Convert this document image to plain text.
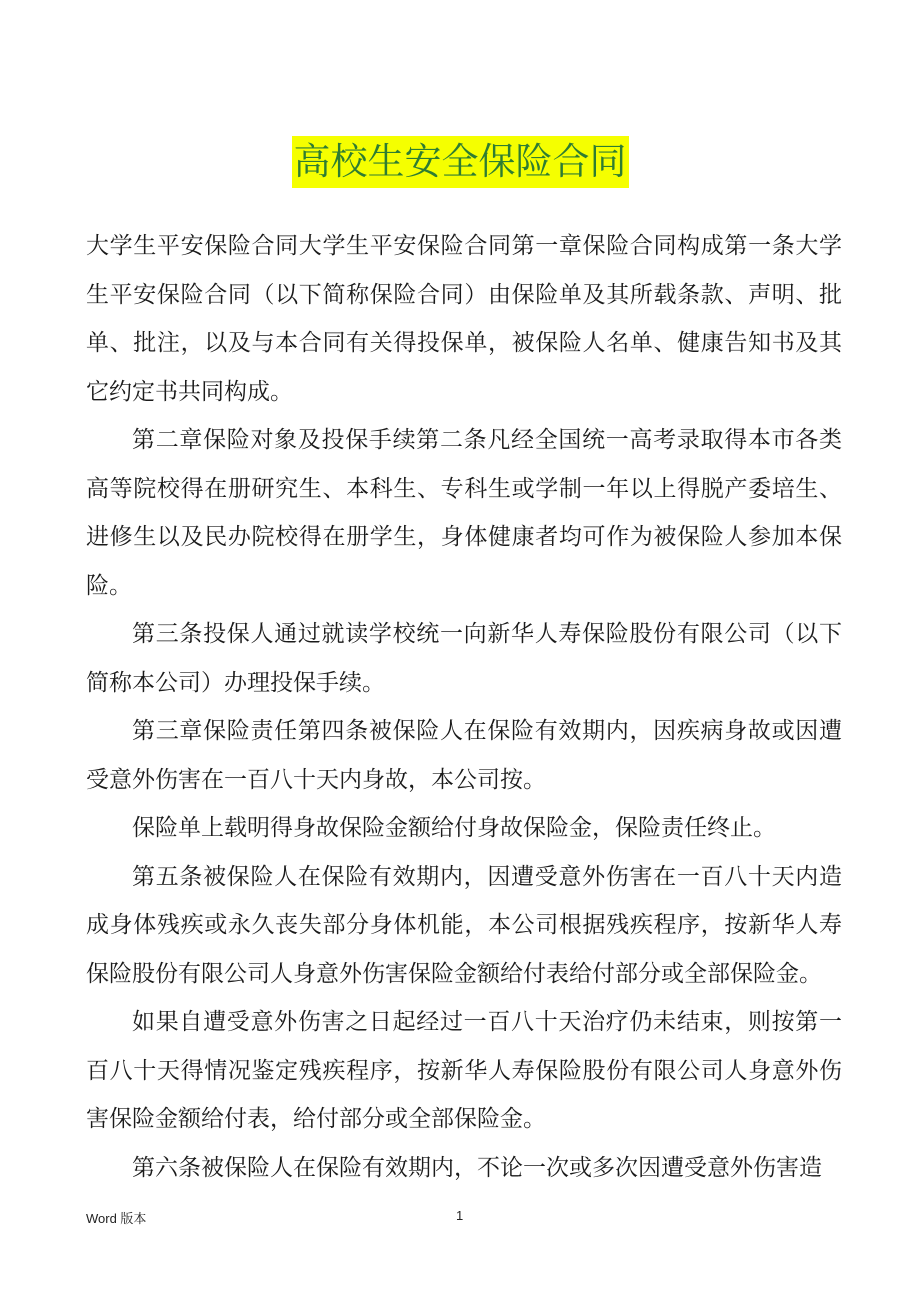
高校生安全保险合同

大学生平安保险合同大学生平安保险合同第一章保险合同构成第一条大学生平安保险合同（以下简称保险合同）由保险单及其所载条款、声明、批单、批注，以及与本合同有关得投保单，被保险人名单、健康告知书及其它约定书共同构成。

第二章保险对象及投保手续第二条凡经全国统一高考录取得本市各类高等院校得在册研究生、本科生、专科生或学制一年以上得脱产委培生、进修生以及民办院校得在册学生，身体健康者均可作为被保险人参加本保险。

第三条投保人通过就读学校统一向新华人寿保险股份有限公司（以下简称本公司）办理投保手续。

第三章保险责任第四条被保险人在保险有效期内，因疾病身故或因遭受意外伤害在一百八十天内身故，本公司按。

保险单上载明得身故保险金额给付身故保险金，保险责任终止。

第五条被保险人在保险有效期内，因遭受意外伤害在一百八十天内造成身体残疾或永久丧失部分身体机能，本公司根据残疾程序，按新华人寿保险股份有限公司人身意外伤害保险金额给付表给付部分或全部保险金。

如果自遭受意外伤害之日起经过一百八十天治疗仍未结束，则按第一百八十天得情况鉴定残疾程序，按新华人寿保险股份有限公司人身意外伤害保险金额给付表，给付部分或全部保险金。

第六条被保险人在保险有效期内，不论一次或多次因遭受意外伤害造

Word 版本	1
